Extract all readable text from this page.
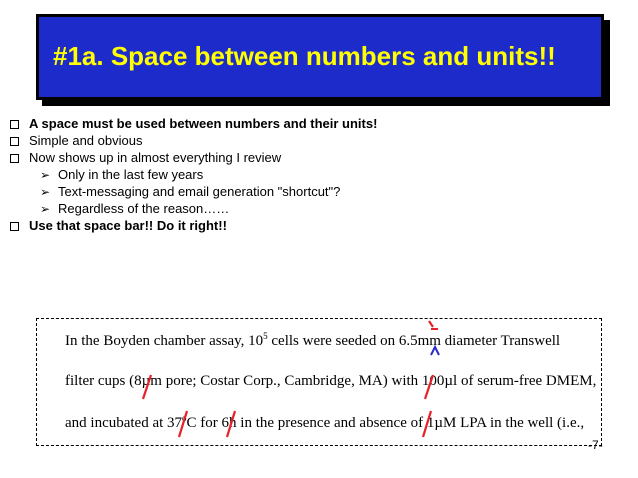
#1a. Space between numbers and units!!
A space must be used between numbers and their units!
Simple and obvious
Now shows up in almost everything I review
➢ Only in the last few years
➢ Text-messaging and email generation "shortcut"?
➢ Regardless of the reason……
Use that space bar!! Do it right!!
In the Boyden chamber assay, $10^5$ cells were seeded on 6.5mm diameter Transwell
filter cups (8µm pore; Costar Corp., Cambridge, MA) with 100µl of serum-free DMEM,
and incubated at 37$^o$C for 6h in the presence and absence of 1µM LPA in the well (i.e.,
-7-
